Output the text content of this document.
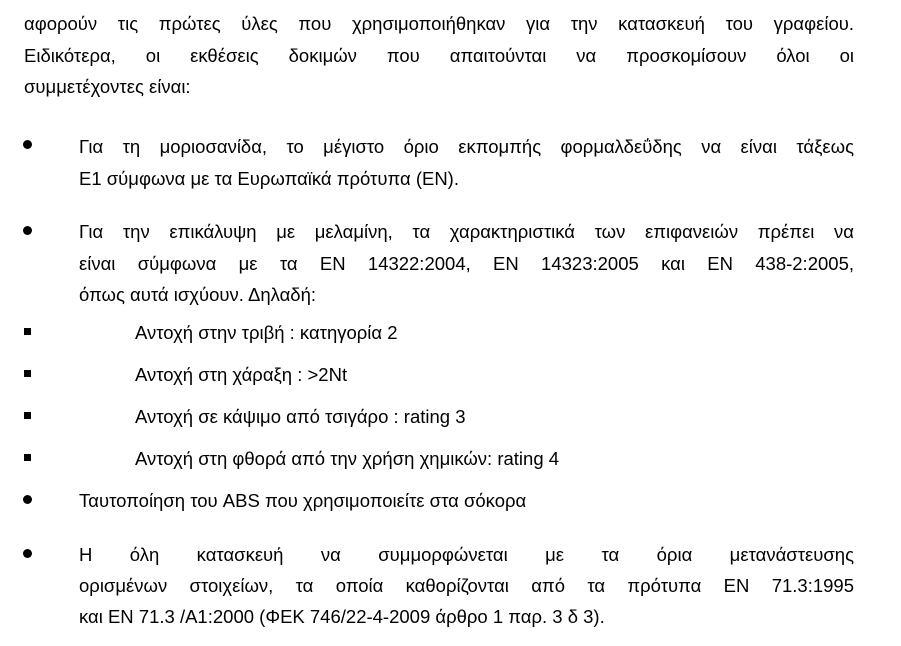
αφορούν τις πρώτες ύλες που χρησιμοποιήθηκαν για την κατασκευή του γραφείου.
Ειδικότερα, οι εκθέσεις δοκιμών που απαιτούνται να προσκομίσουν όλοι οι
συμμετέχοντες είναι:
Για τη μοριοσανίδα, το μέγιστο όριο εκπομπής φορμαλδεΰδης να είναι τάξεως
Ε1 σύμφωνα με τα Ευρωπαϊκά πρότυπα (ΕΝ).
Για την επικάλυψη με μελαμίνη, τα χαρακτηριστικά των επιφανειών πρέπει να
είναι σύμφωνα με τα ΕΝ 14322:2004, ΕΝ 14323:2005 και ΕΝ 438-2:2005,
όπως αυτά ισχύουν. Δηλαδή:
Αντοχή στην τριβή : κατηγορία 2
Αντοχή στη χάραξη : >2Nt
Αντοχή σε κάψιμο από τσιγάρο : rating 3
Αντοχή στη φθορά από την χρήση χημικών: rating 4
Ταυτοποίηση του ABS που χρησιμοποιείτε στα σόκορα
Η όλη κατασκευή να συμμορφώνεται με τα όρια μετανάστευσης
ορισμένων στοιχείων, τα οποία καθορίζονται από τα πρότυπα ΕΝ 71.3:1995
και ΕΝ 71.3 /Α1:2000 (ΦΕΚ 746/22-4-2009 άρθρο 1 παρ. 3 δ 3).
